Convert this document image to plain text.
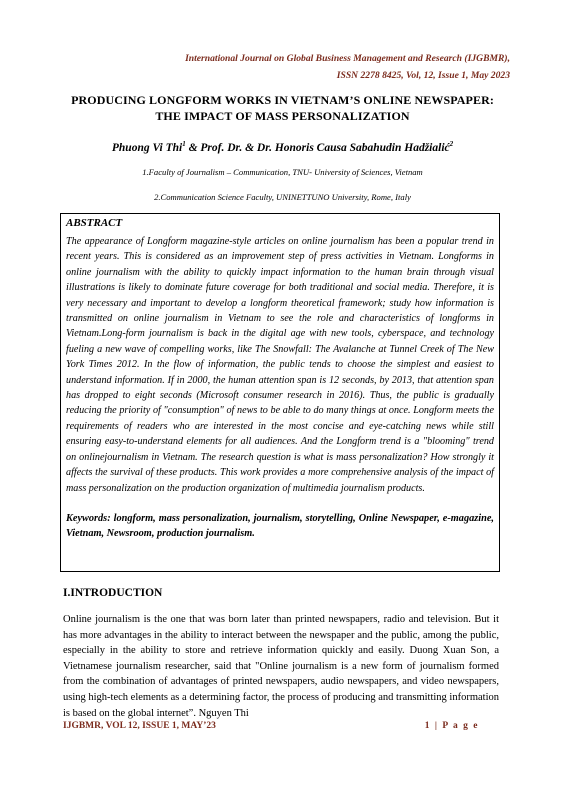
International Journal on Global Business Management and Research (IJGBMR),
ISSN 2278 8425, Vol, 12, Issue 1, May 2023
PRODUCING LONGFORM WORKS IN VIETNAM’S ONLINE NEWSPAPER: THE IMPACT OF MASS PERSONALIZATION
Phuong Vi Thi$^1$ & Prof. Dr. & Dr. Honoris Causa Sabahudin Hadžialić$^2$
1.Faculty of Journalism – Communication, TNU- University of Sciences, Vietnam
2.Communication Science Faculty, UNINETTUNO University, Rome, Italy
ABSTRACT

The appearance of Longform magazine-style articles on online journalism has been a popular trend in recent years. This is considered as an improvement step of press activities in Vietnam. Longforms in online journalism with the ability to quickly impact information to the human brain through visual illustrations is likely to dominate future coverage for both traditional and social media. Therefore, it is very necessary and important to develop a longform theoretical framework; study how information is transmitted on online journalism in Vietnam to see the role and characteristics of longforms in Vietnam.Long-form journalism is back in the digital age with new tools, cyberspace, and technology fueling a new wave of compelling works, like The Snowfall: The Avalanche at Tunnel Creek of The New York Times 2012. In the flow of information, the public tends to choose the simplest and easiest to understand information. If in 2000, the human attention span is 12 seconds, by 2013, that attention span has dropped to eight seconds (Microsoft consumer research in 2016). Thus, the public is gradually reducing the priority of "consumption" of news to be able to do many things at once. Longform meets the requirements of readers who are interested in the most concise and eye-catching news while still ensuring easy-to-understand elements for all audiences. And the Longform trend is a "blooming" trend on onlinejournalism in Vietnam. The research question is what is mass personalization? How strongly it affects the survival of these products. This work provides a more comprehensive analysis of the impact of mass personalization on the production organization of multimedia journalism products.

Keywords: longform, mass personalization, journalism, storytelling, Online Newspaper, e-magazine, Vietnam, Newsroom, production journalism.
I.INTRODUCTION

Online journalism is the one that was born later than printed newspapers, radio and television. But it has more advantages in the ability to interact between the newspaper and the public, among the public, especially in the ability to store and retrieve information quickly and easily. Duong Xuan Son, a Vietnamese journalism researcher, said that "Online journalism is a new form of journalism formed from the combination of advantages of printed newspapers, audio newspapers, and video newspapers, using high-tech elements as a determining factor, the process of producing and transmitting information is based on the global internet”. Nguyen Thi

IJGBMR, VOL 12, ISSUE 1, MAY’23	1 | P a g e
